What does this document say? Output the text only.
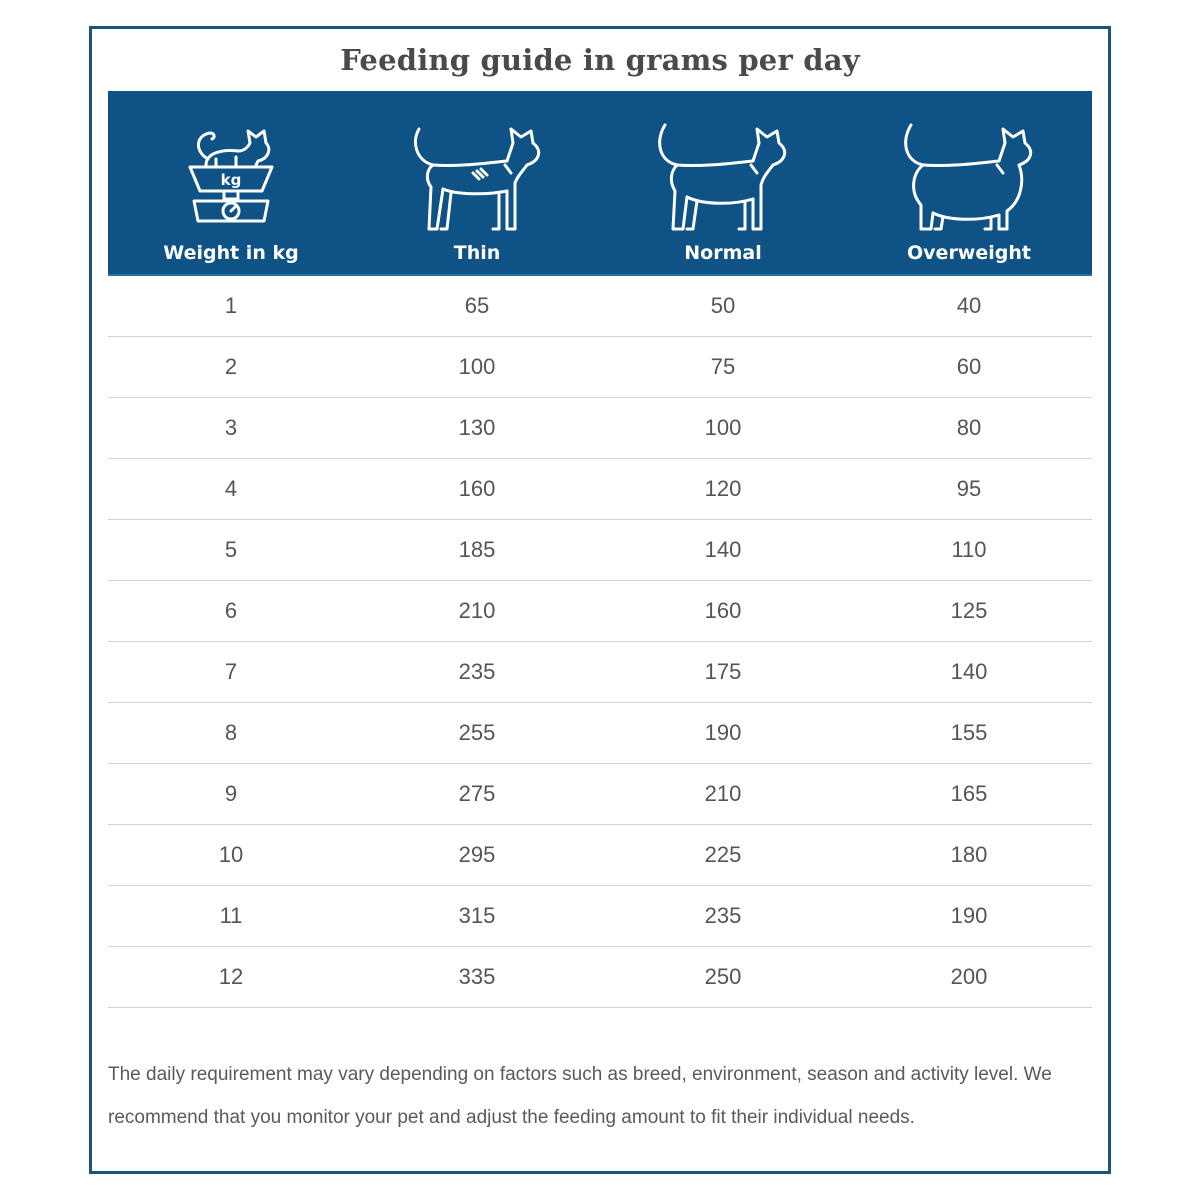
Feeding guide in grams per day
kg
Weight in kg	Thin	Normal	Overweight
1	65	50	40
2	100	75	60
3	130	100	80
4	160	120	95
5	185	140	110
6	210	160	125
7	235	175	140
8	255	190	155
9	275	210	165
10	295	225	180
11	315	235	190
12	335	250	200
The daily requirement may vary depending on factors such as breed, environment, season and activity level. We recommend that you monitor your pet and adjust the feeding amount to fit their individual needs.
